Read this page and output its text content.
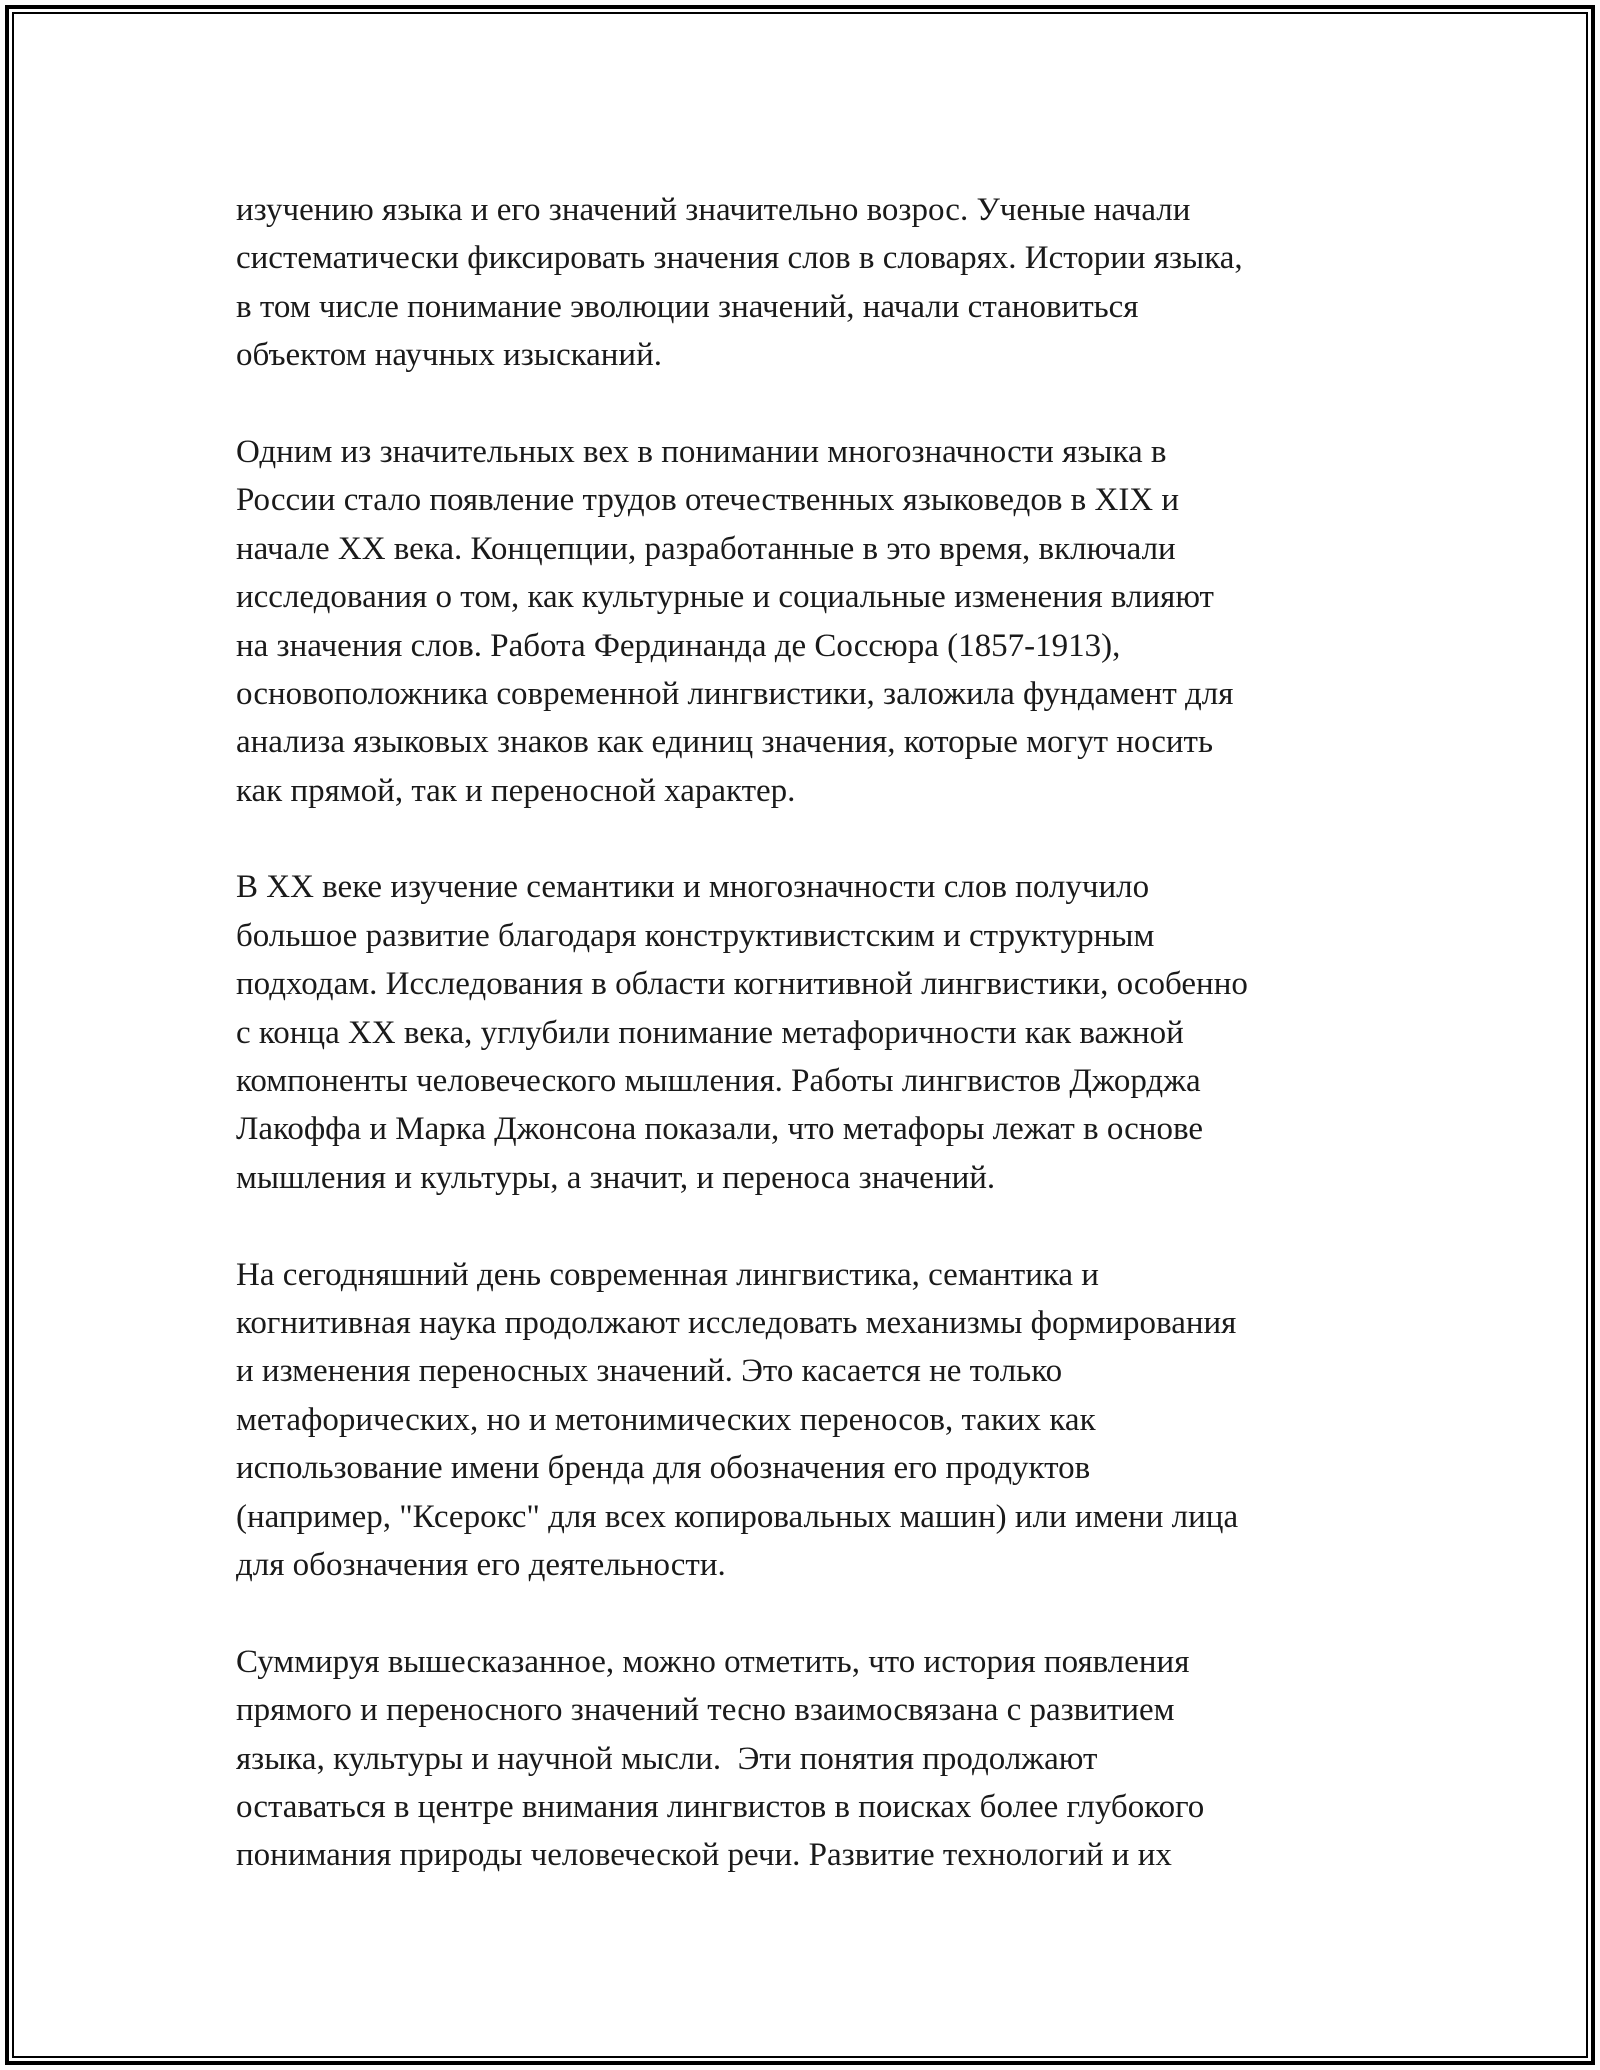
изучению языка и его значений значительно возрос. Ученые начали
систематически фиксировать значения слов в словарях. Истории языка,
в том числе понимание эволюции значений, начали становиться
объектом научных изысканий.
Одним из значительных вех в понимании многозначности языка в
России стало появление трудов отечественных языковедов в XIX и
начале XX века. Концепции, разработанные в это время, включали
исследования о том, как культурные и социальные изменения влияют
на значения слов. Работа Фердинанда де Соссюра (1857-1913),
основоположника современной лингвистики, заложила фундамент для
анализа языковых знаков как единиц значения, которые могут носить
как прямой, так и переносной характер.
В XX веке изучение семантики и многозначности слов получило
большое развитие благодаря конструктивистским и структурным
подходам. Исследования в области когнитивной лингвистики, особенно
с конца XX века, углубили понимание метафоричности как важной
компоненты человеческого мышления. Работы лингвистов Джорджа
Лакоффа и Марка Джонсона показали, что метафоры лежат в основе
мышления и культуры, а значит, и переноса значений.
На сегодняшний день современная лингвистика, семантика и
когнитивная наука продолжают исследовать механизмы формирования
и изменения переносных значений. Это касается не только
метафорических, но и метонимических переносов, таких как
использование имени бренда для обозначения его продуктов
(например, "Ксерокс" для всех копировальных машин) или имени лица
для обозначения его деятельности.
Суммируя вышесказанное, можно отметить, что история появления
прямого и переносного значений тесно взаимосвязана с развитием
языка, культуры и научной мысли.  Эти понятия продолжают
оставаться в центре внимания лингвистов в поисках более глубокого
понимания природы человеческой речи. Развитие технологий и их
